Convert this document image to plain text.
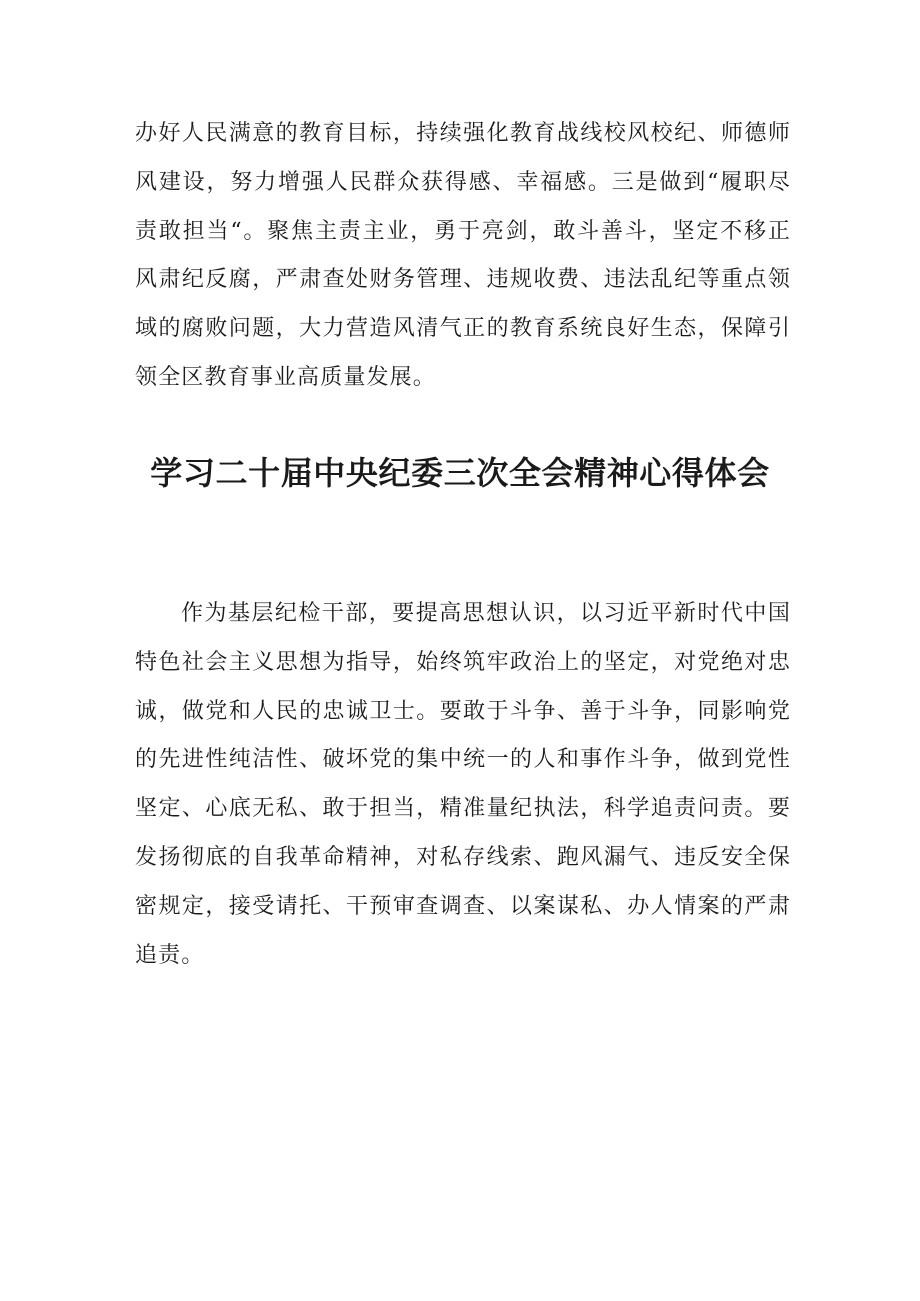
办好人民满意的教育目标，持续强化教育战线校风校纪、师德师风建设，努力增强人民群众获得感、幸福感。三是做到“履职尽责敢担当“。聚焦主责主业，勇于亮剑，敢斗善斗，坚定不移正风肃纪反腐，严肃查处财务管理、违规收费、违法乱纪等重点领域的腐败问题，大力营造风清气正的教育系统良好生态，保障引领全区教育事业高质量发展。

学习二十届中央纪委三次全会精神心得体会

作为基层纪检干部，要提高思想认识，以习近平新时代中国特色社会主义思想为指导，始终筑牢政治上的坚定，对党绝对忠诚，做党和人民的忠诚卫士。要敢于斗争、善于斗争，同影响党的先进性纯洁性、破坏党的集中统一的人和事作斗争，做到党性坚定、心底无私、敢于担当，精准量纪执法，科学追责问责。要发扬彻底的自我革命精神，对私存线索、跑风漏气、违反安全保密规定，接受请托、干预审查调查、以案谋私、办人情案的严肃追责。
